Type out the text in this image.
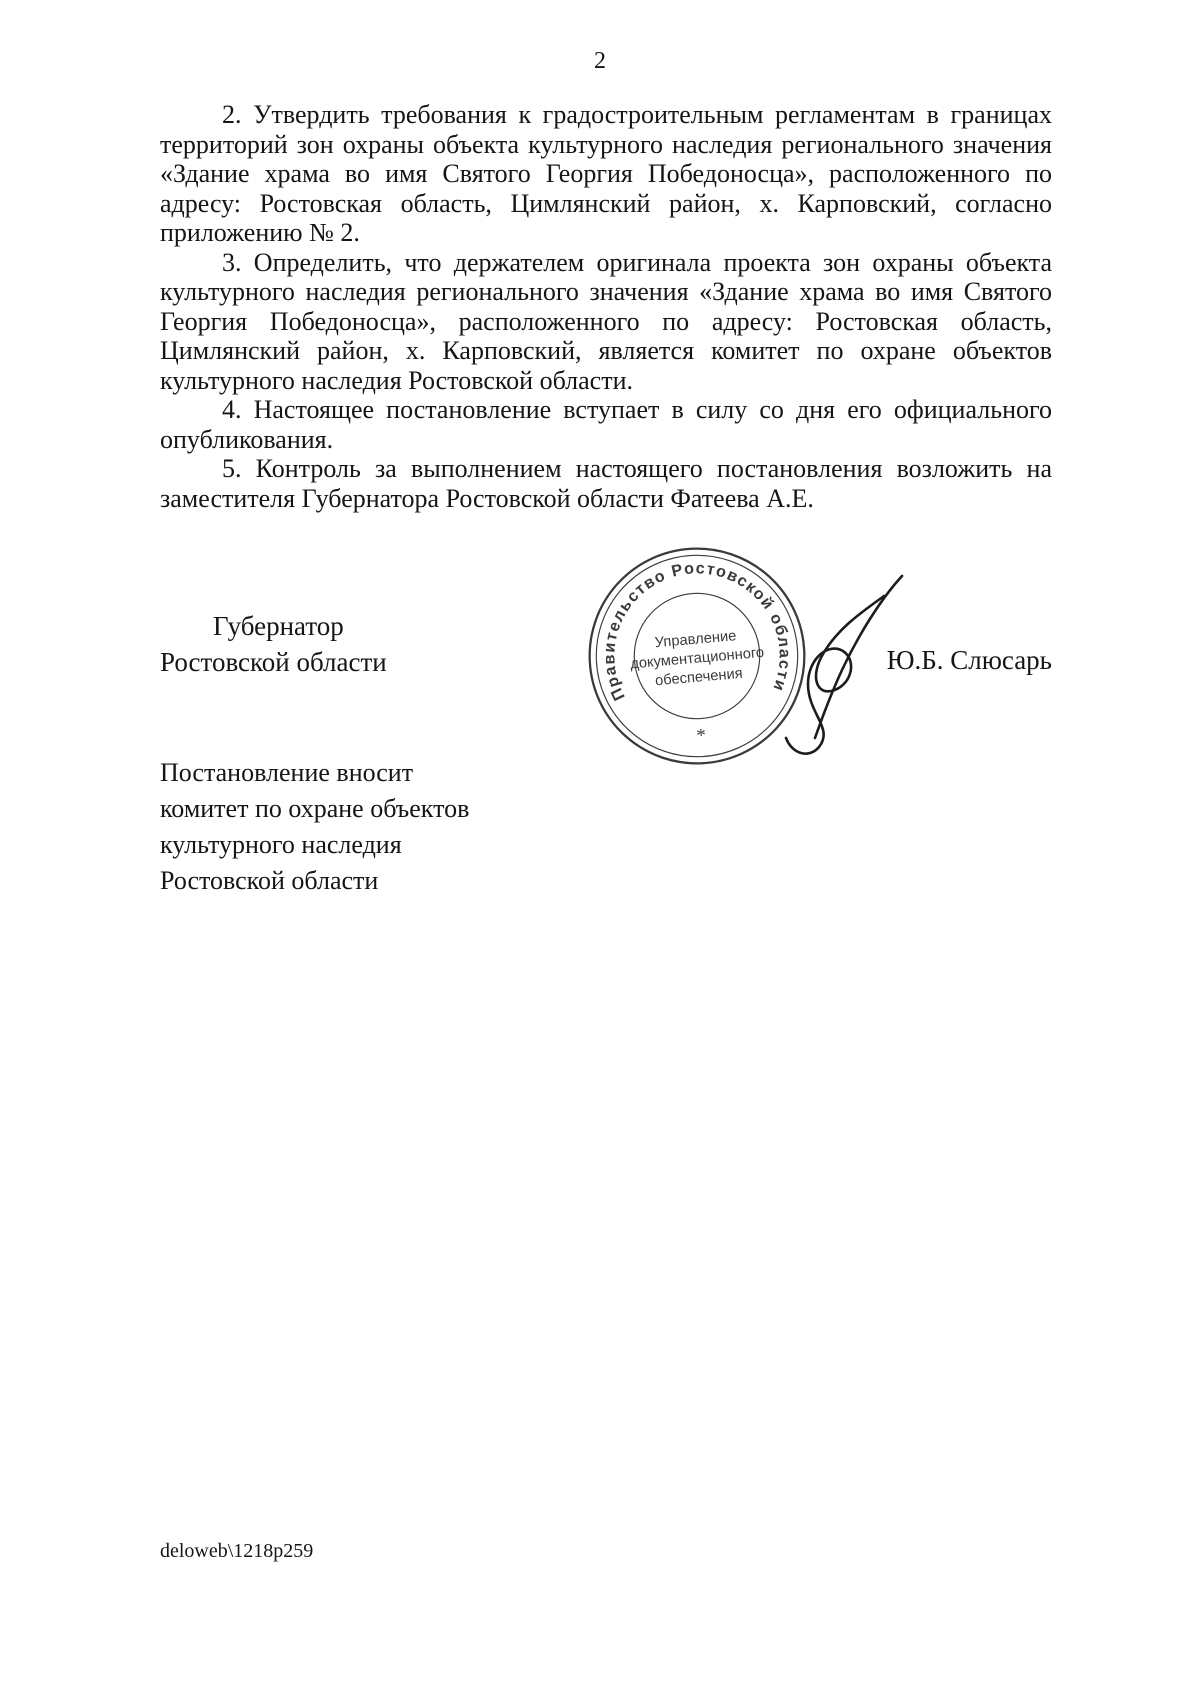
2

2. Утвердить требования к градостроительным регламентам в границах территорий зон охраны объекта культурного наследия регионального значения «Здание храма во имя Святого Георгия Победоносца», расположенного по адресу: Ростовская область, Цимлянский район, х. Карповский, согласно приложению № 2.

3. Определить, что держателем оригинала проекта зон охраны объекта культурного наследия регионального значения «Здание храма во имя Святого Георгия Победоносца», расположенного по адресу: Ростовская область, Цимлянский район, х. Карповский, является комитет по охране объектов культурного наследия Ростовской области.

4. Настоящее постановление вступает в силу со дня его официального опубликования.

5. Контроль за выполнением настоящего постановления возложить на заместителя Губернатора Ростовской области Фатеева А.Е.

Губернатор
Ростовской области	Ю.Б. Слюсарь
Правительство Ростовской области
*
Управление
документационного
обеспечения
Постановление вносит
комитет по охране объектов
культурного наследия
Ростовской области
deloweb\1218p259
